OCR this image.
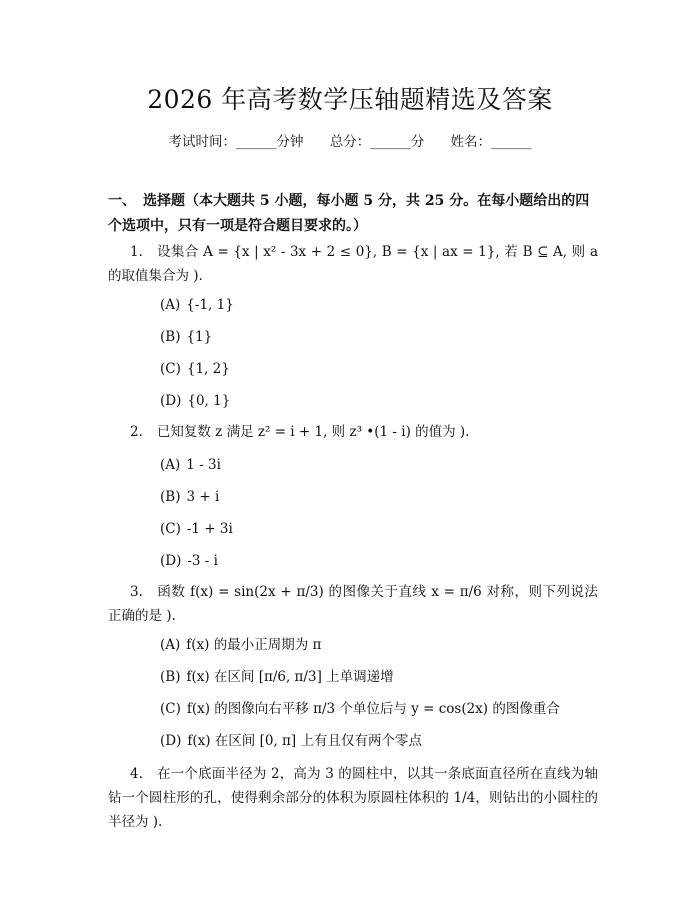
2026 年高考数学压轴题精选及答案
考试时间：______分钟 总分：______分 姓名：______
一、　选择题（本大题共 5 小题，每小题 5 分，共 25 分。在每小题给出的四个选项中，只有一项是符合题目要求的。）
1. 设集合 A = {x | x² - 3x + 2 ≤ 0}, B = {x | ax = 1}, 若 B ⊆ A, 则 a 的取值集合为 ).
(A) {-1, 1}
(B) {1}
(C) {1, 2}
(D) {0, 1}
2. 已知复数 z 满足 z² = i + 1, 则 z³ •(1 - i) 的值为 ).
(A) 1 - 3i
(B) 3 + i
(C) -1 + 3i
(D) -3 - i
3. 函数 f(x) = sin(2x + π/3) 的图像关于直线 x = π/6 对称，则下列说法正确的是 ).
(A) f(x) 的最小正周期为 π
(B) f(x) 在区间 [π/6, π/3] 上单调递增
(C) f(x) 的图像向右平移 π/3 个单位后与 y = cos(2x) 的图像重合
(D) f(x) 在区间 [0, π] 上有且仅有两个零点
4. 在一个底面半径为 2，高为 3 的圆柱中，以其一条底面直径所在直线为轴钻一个圆柱形的孔，使得剩余部分的体积为原圆柱体积的 1/4，则钻出的小圆柱的半径为 ).
